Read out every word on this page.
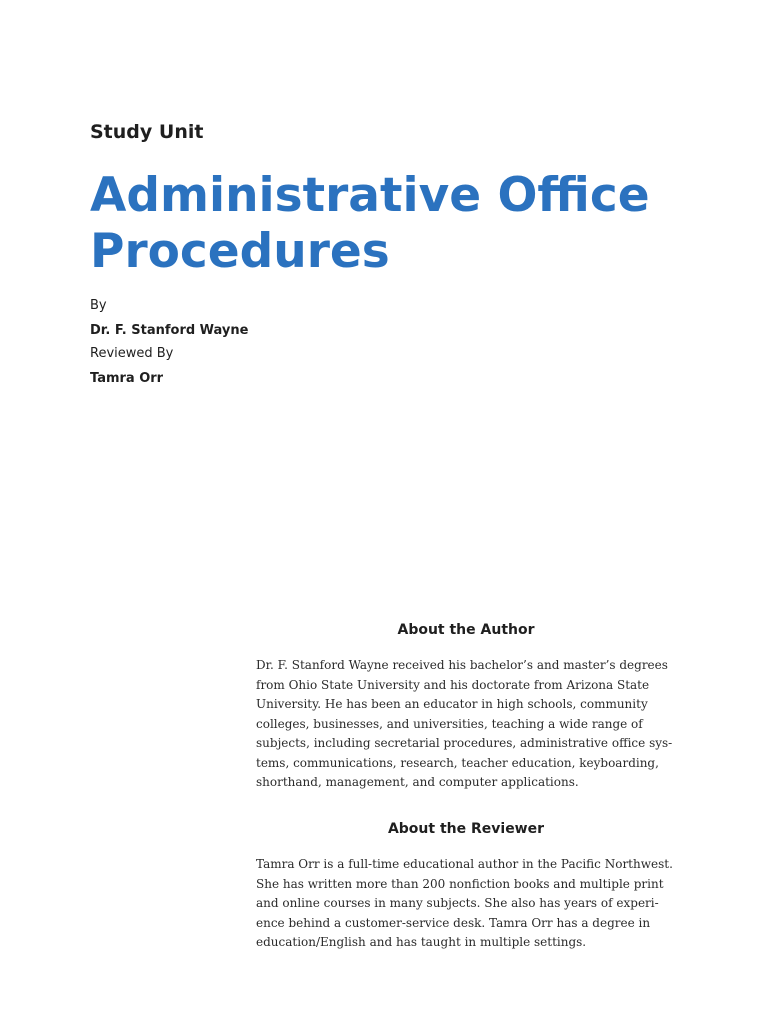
Study Unit

Administrative Office
Procedures

By

Dr. F. Stanford Wayne

Reviewed By

Tamra Orr

About the Author

Dr. F. Stanford Wayne received his bachelor’s and master’s degrees
from Ohio State University and his doctorate from Arizona State
University. He has been an educator in high schools, community
colleges, businesses, and universities, teaching a wide range of
subjects, including secretarial procedures, administrative office sys-
tems, communications, research, teacher education, keyboarding,
shorthand, management, and computer applications.

About the Reviewer

Tamra Orr is a full-time educational author in the Pacific Northwest.
She has written more than 200 nonfiction books and multiple print
and online courses in many subjects. She also has years of experi-
ence behind a customer-service desk. Tamra Orr has a degree in
education/English and has taught in multiple settings.
